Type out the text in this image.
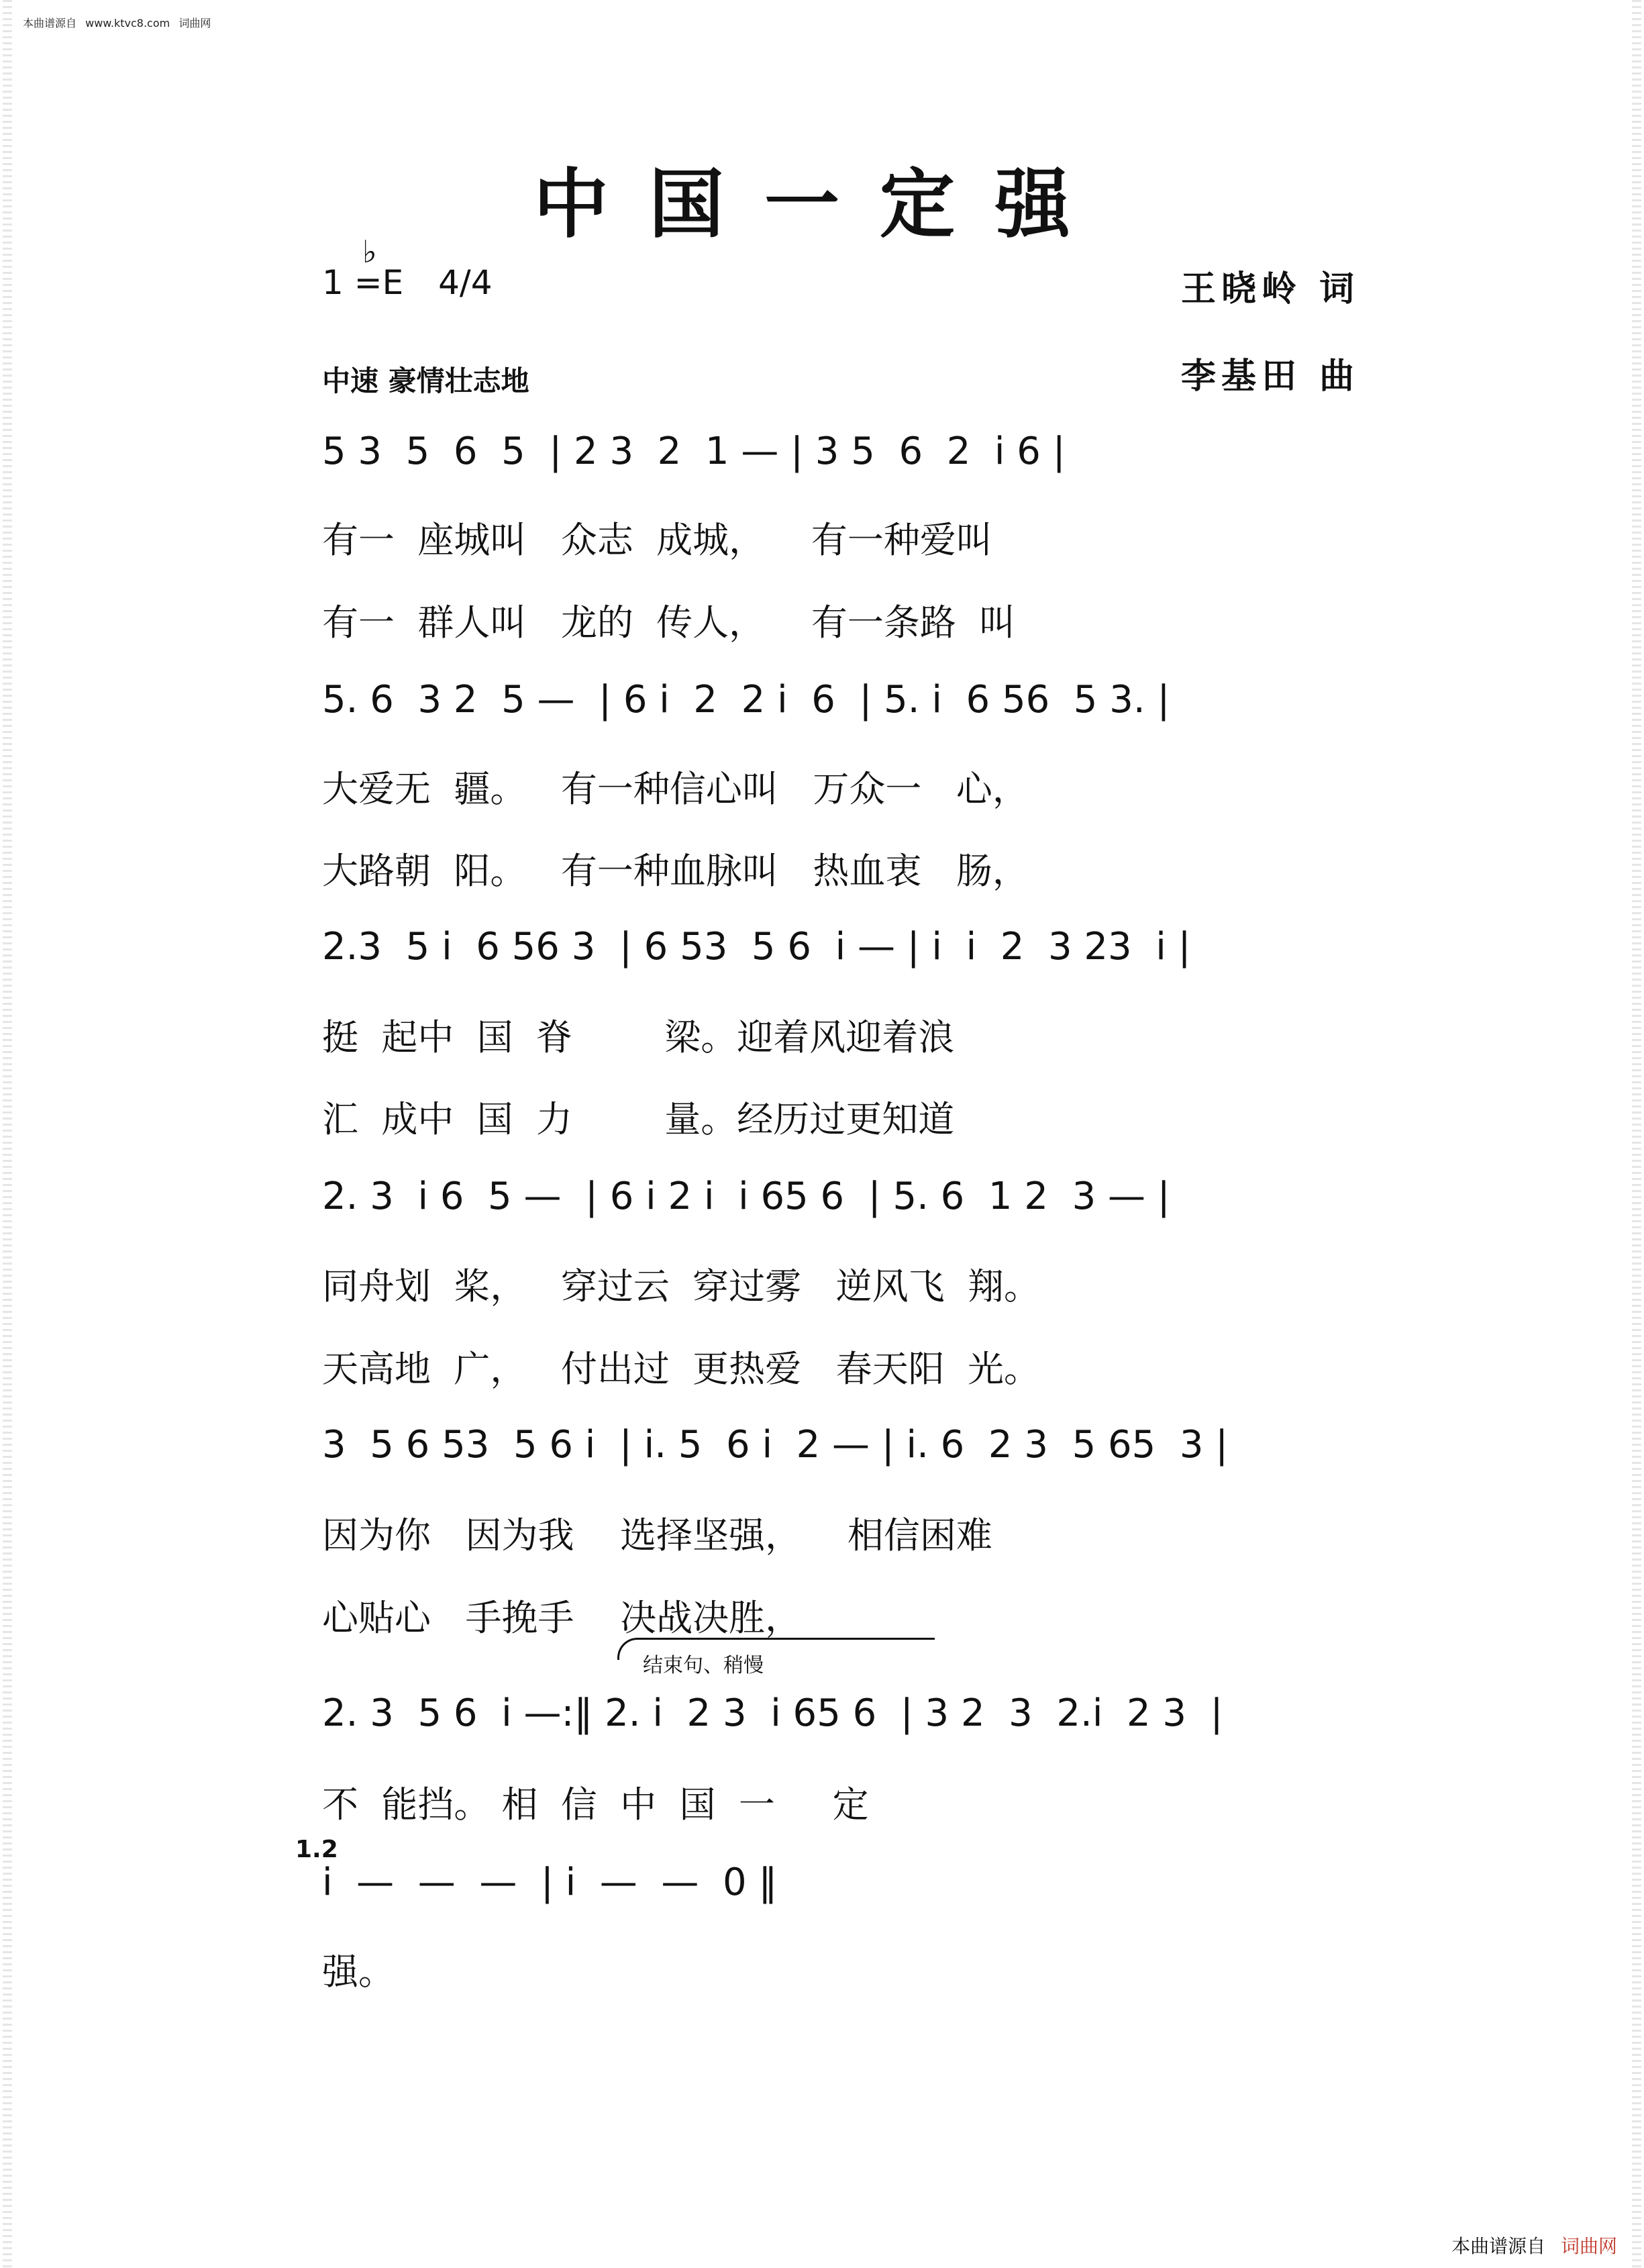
本曲谱源自 www.ktvc8.com 词曲网
中国一定强
♭
1 =E 4/4
中速 豪情壮志地
王晓岭 词
李基田 曲
5 3  5  6  5  | 2 3  2  1 — | 3 5  6  2  i 6 |
有一  座城叫   众志  成城，    有一种爱叫
有一  群人叫   龙的  传人，    有一条路  叫
5. 6  3 2  5 —  | 6 i  2  2 i  6  | 5. i  6 56  5 3. |
大爱无  疆。   有一种信心叫   万众一   心，
大路朝  阳。   有一种血脉叫   热血衷   肠，
2.3  5 i  6 56 3  | 6 53  5 6  i — | i  i  2  3 23  i |
挺  起中  国  脊        梁。迎着风迎着浪
汇  成中  国  力        量。经历过更知道
2. 3  i 6  5 —  | 6 i 2 i  i 65 6  | 5. 6  1 2  3 — |
同舟划  桨，   穿过云  穿过雾   逆风飞  翔。
天高地  广，   付出过  更热爱   春天阳  光。
3  5 6 53  5 6 i  | i. 5  6 i  2 — | i. 6  2 3  5 65  3 |
因为你   因为我    选择坚强，    相信困难
心贴心   手挽手    决战决胜，
结束句、稍慢
2. 3  5 6  i —:‖ 2. i  2 3  i 65 6  | 3 2  3  2.i  2 3  |
不  能挡。 相  信  中  国  一     定
1.2
i  —  —  —  | i  —  —  0 ‖
强。
本曲谱源自 词曲网
